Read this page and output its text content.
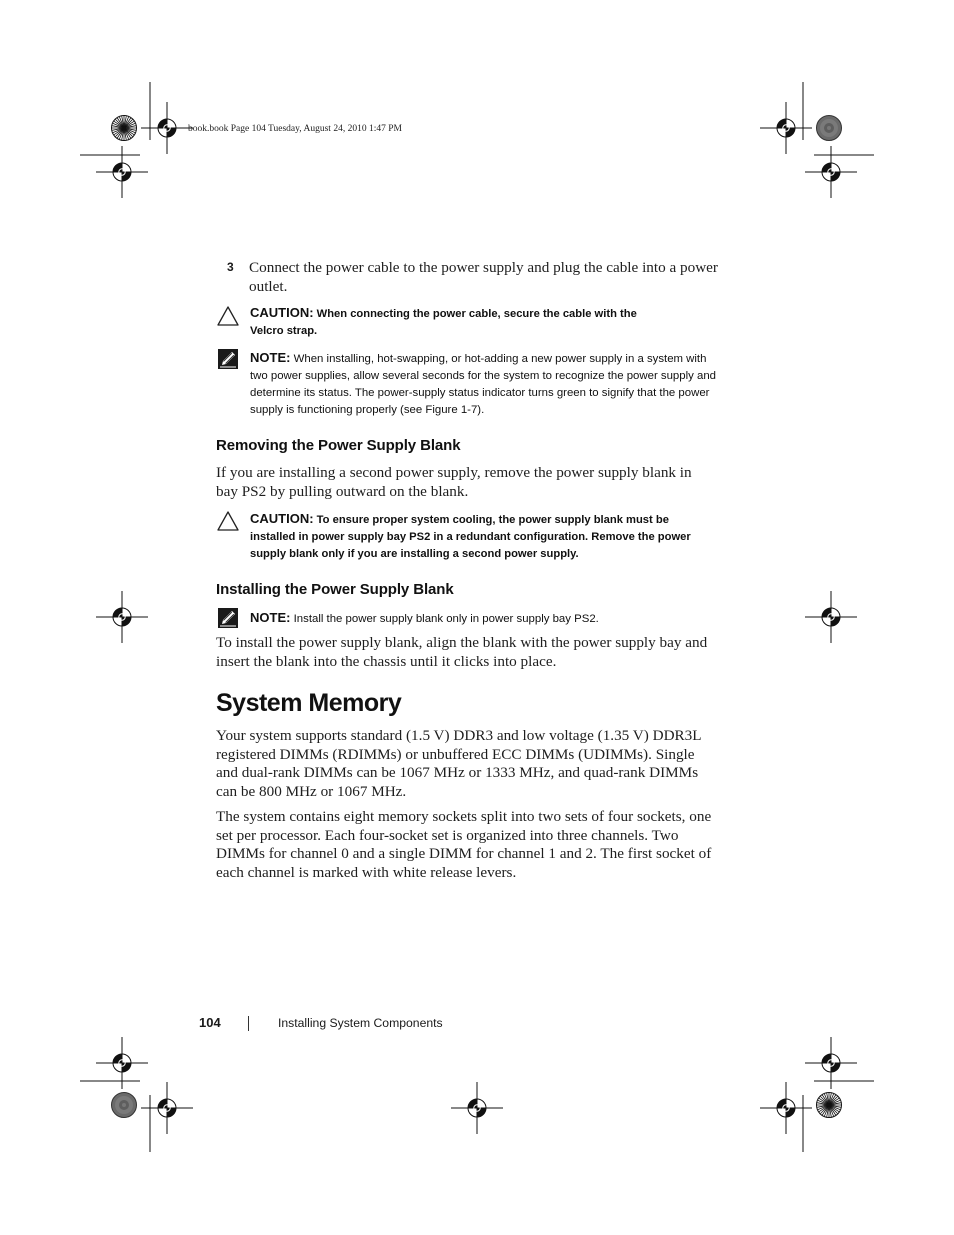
book.book Page 104 Tuesday, August 24, 2010 1:47 PM
3 Connect the power cable to the power supply and plug the cable into a power outlet.

CAUTION: When connecting the power cable, secure the cable with the Velcro strap.

NOTE: When installing, hot-swapping, or hot-adding a new power supply in a system with two power supplies, allow several seconds for the system to recognize the power supply and determine its status. The power-supply status indicator turns green to signify that the power supply is functioning properly (see Figure 1-7).

Removing the Power Supply Blank

If you are installing a second power supply, remove the power supply blank in bay PS2 by pulling outward on the blank.

CAUTION: To ensure proper system cooling, the power supply blank must be installed in power supply bay PS2 in a redundant configuration. Remove the power supply blank only if you are installing a second power supply.

Installing the Power Supply Blank

NOTE: Install the power supply blank only in power supply bay PS2.

To install the power supply blank, align the blank with the power supply bay and insert the blank into the chassis until it clicks into place.

System Memory

Your system supports standard (1.5 V) DDR3 and low voltage (1.35 V) DDR3L registered DIMMs (RDIMMs) or unbuffered ECC DIMMs (UDIMMs). Single and dual-rank DIMMs can be 1067 MHz or 1333 MHz, and quad-rank DIMMs can be 800 MHz or 1067 MHz.

The system contains eight memory sockets split into two sets of four sockets, one set per processor. Each four-socket set is organized into three channels. Two DIMMs for channel 0 and a single DIMM for channel 1 and 2. The first socket of each channel is marked with white release levers.

104	Installing System Components
